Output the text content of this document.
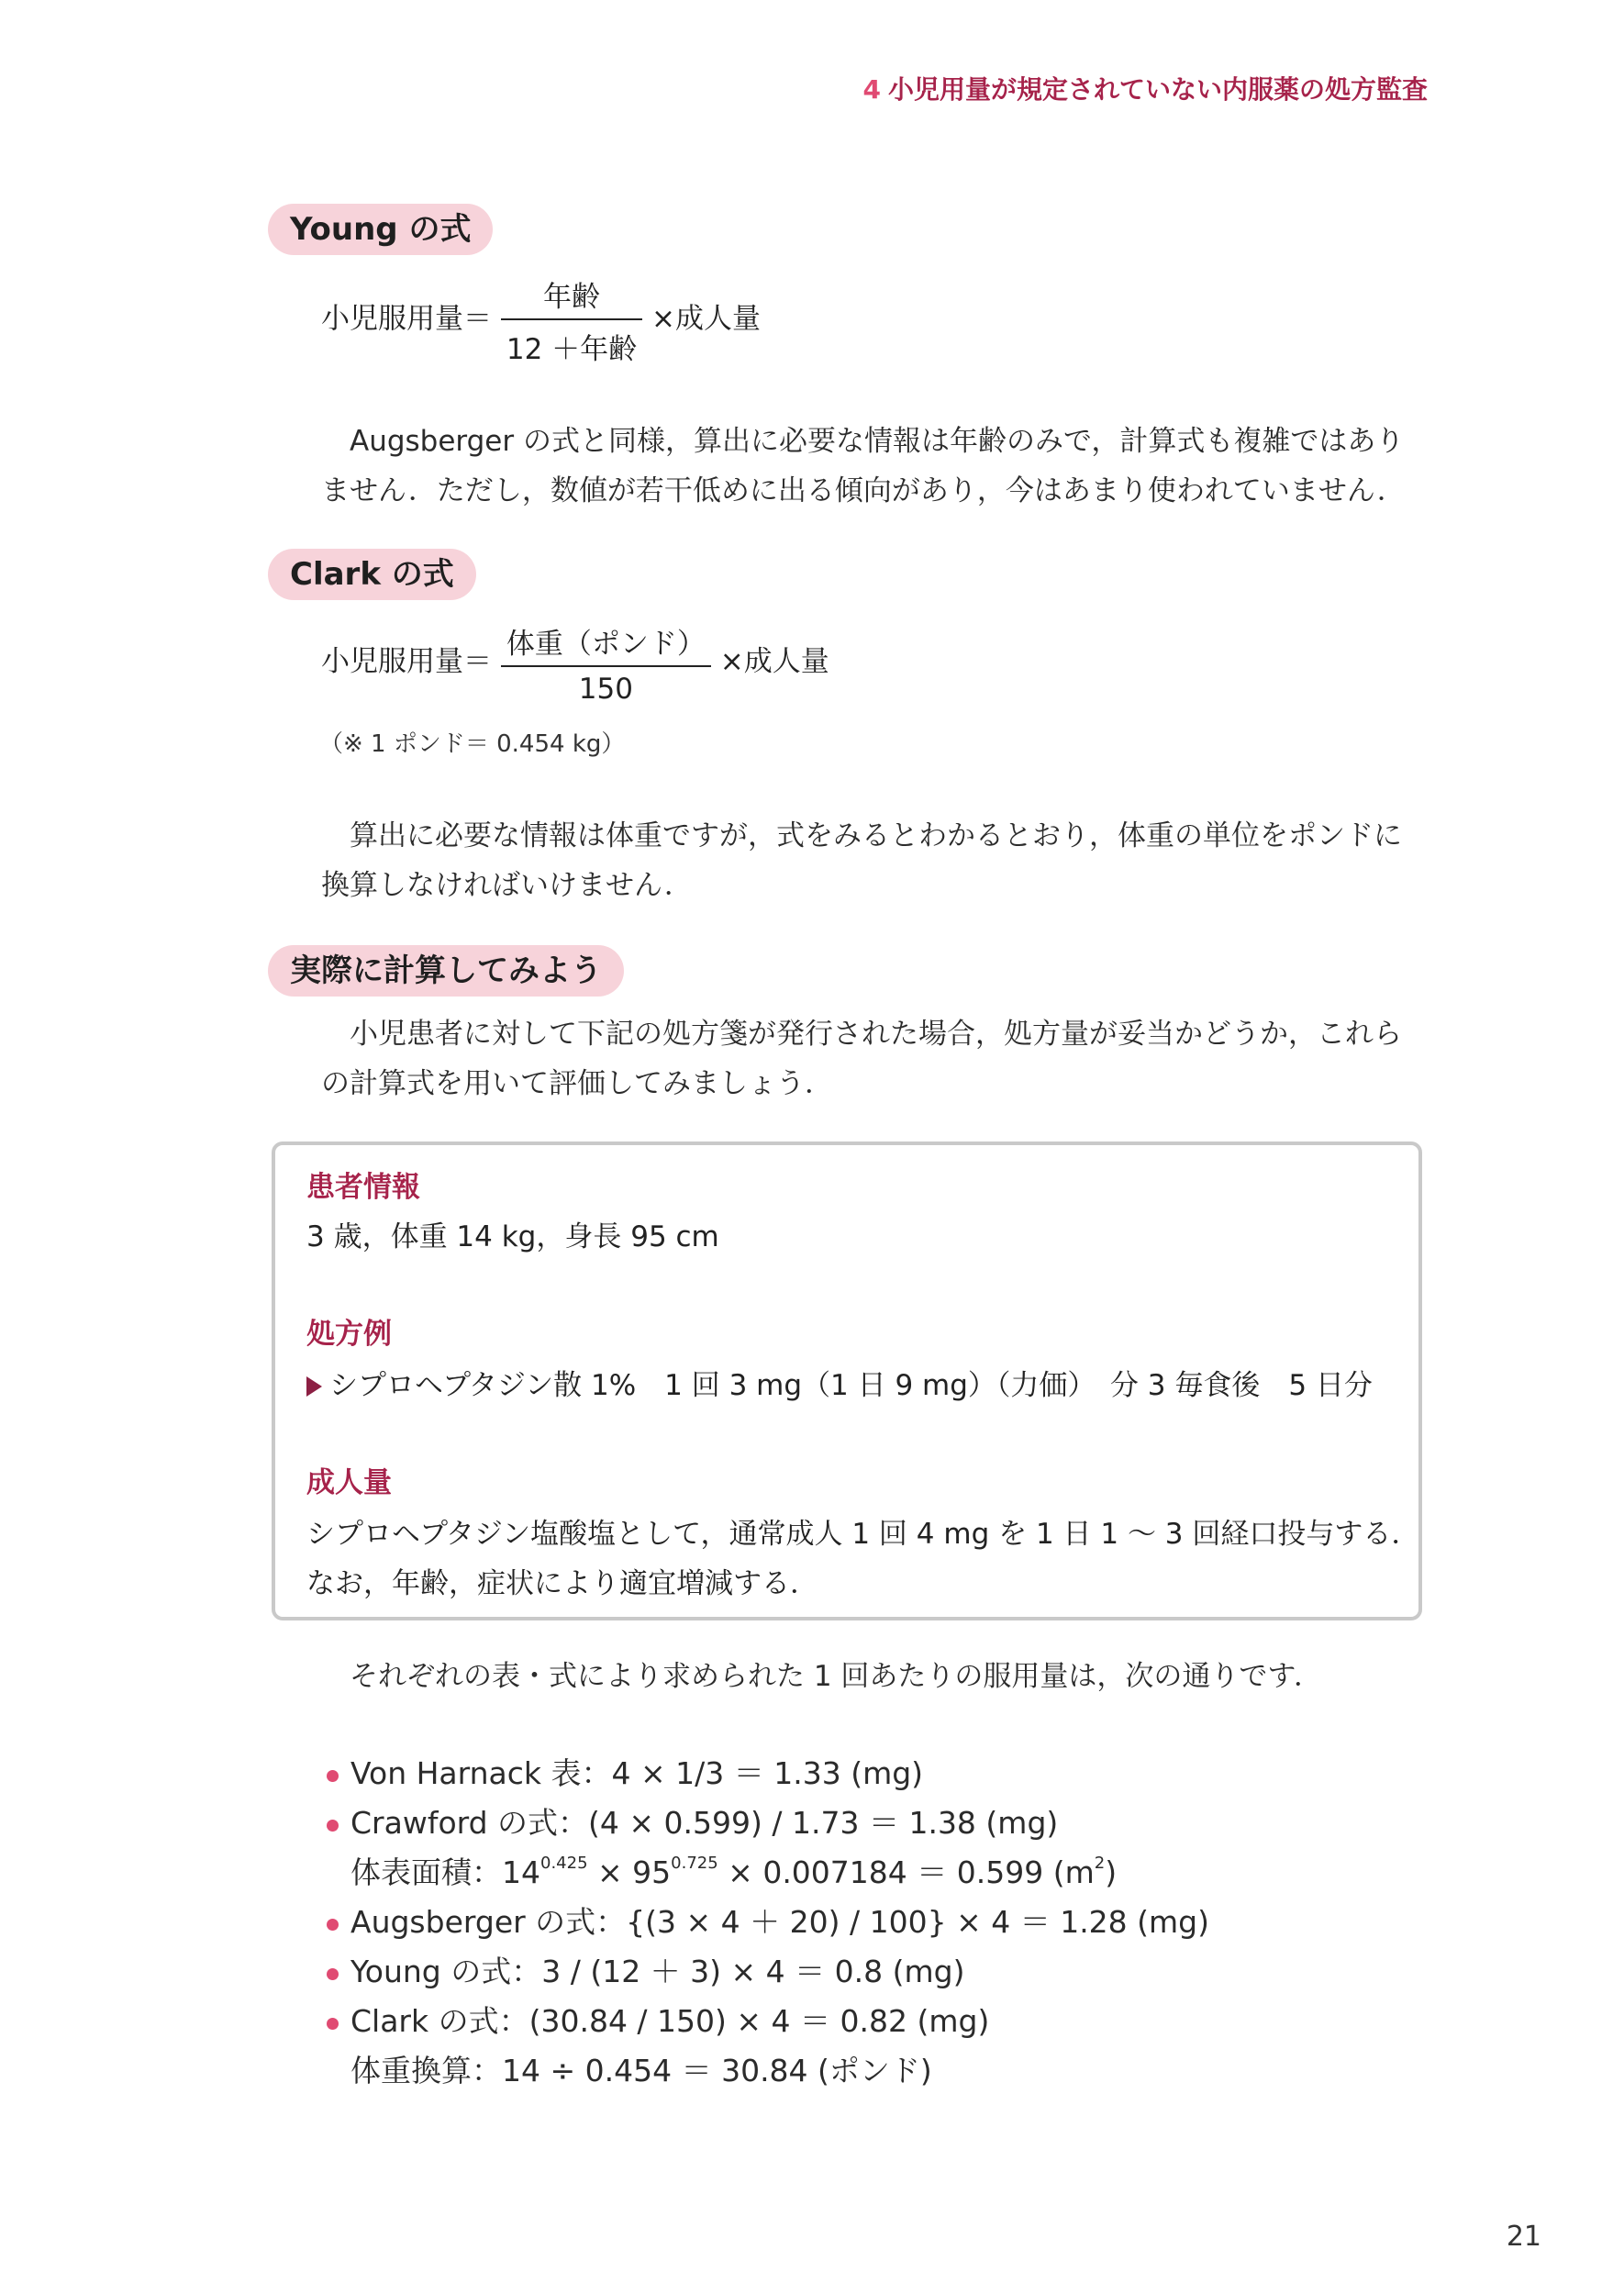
4 小児用量が規定されていない内服薬の処方監査
Young の式
小児服用量＝ $\frac{\text{年齢}}{\text{12 ＋年齢}}$ ×成人量
Augsberger の式と同様，算出に必要な情報は年齢のみで，計算式も複雑ではあり
ません．ただし，数値が若干低めに出る傾向があり，今はあまり使われていません．
Clark の式
小児服用量＝ $\frac{\text{体重（ポンド）}}{150}$ ×成人量
（※ 1 ポンド＝ 0.454 kg）
算出に必要な情報は体重ですが，式をみるとわかるとおり，体重の単位をポンドに
換算しなければいけません．
実際に計算してみよう
小児患者に対して下記の処方箋が発行された場合，処方量が妥当かどうか，これら
の計算式を用いて評価してみましょう．
患者情報
3 歳，体重 14 kg，身長 95 cm
処方例
シプロヘプタジン散 1%　1 回 3 mg（1 日 9 mg）（力価）　分 3 毎食後　5 日分
成人量
シプロヘプタジン塩酸塩として，通常成人 1 回 4 mg を 1 日 1 〜 3 回経口投与する．
なお，年齢，症状により適宜増減する．
それぞれの表・式により求められた 1 回あたりの服用量は，次の通りです．
Von Harnack 表：4 × 1/3 ＝ 1.33 (mg)
Crawford の式：(4 × 0.599) / 1.73 ＝ 1.38 (mg)
体表面積：$14^{0.425} \times 95^{0.725} \times 0.007184 = 0.599$ $(m^2)$
Augsberger の式：{(3 × 4 ＋ 20) / 100} × 4 ＝ 1.28 (mg)
Young の式：3 / (12 ＋ 3) × 4 ＝ 0.8 (mg)
Clark の式：(30.84 / 150) × 4 ＝ 0.82 (mg)
体重換算：14 ÷ 0.454 ＝ 30.84 (ポンド)
21
